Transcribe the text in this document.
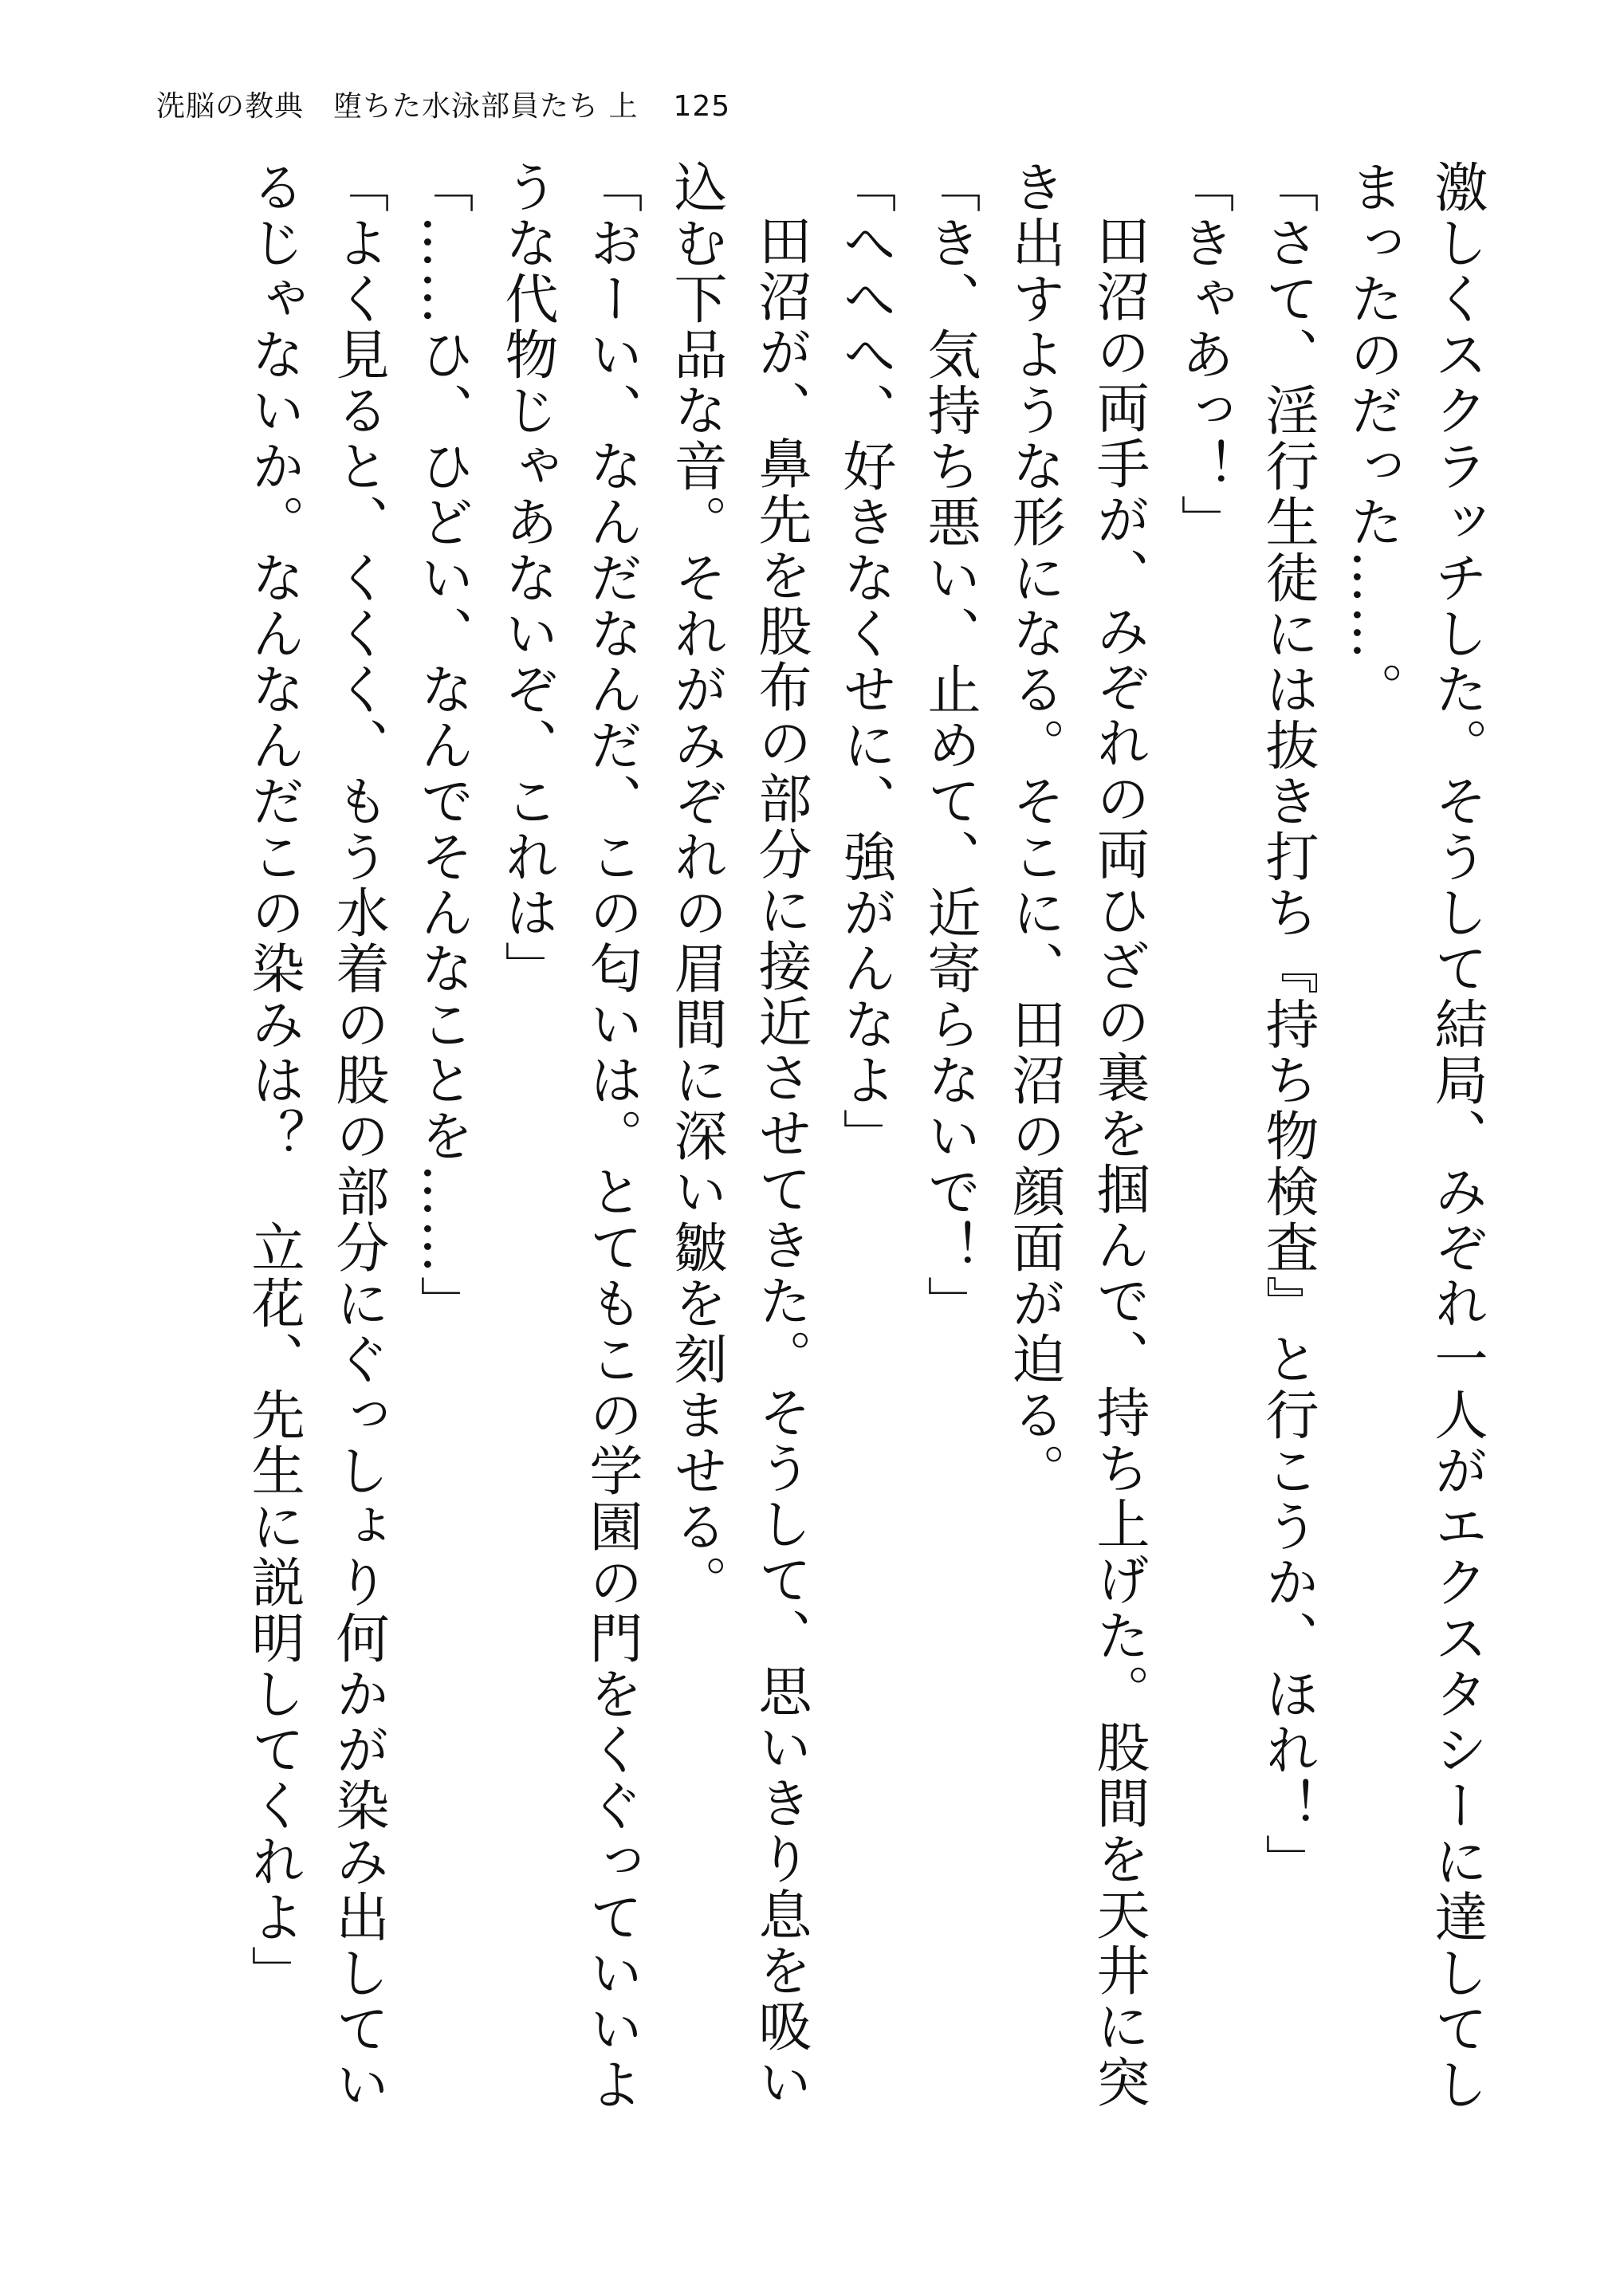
洗脳の教典　堕ちた水泳部員たち 上 125

激しくスクラッチした。そうして結局、みぞれ一人がエクスタシーに達してしまったのだった……。

「さて、淫行生徒には抜き打ち『持ち物検査』と行こうか、ほれ！」

「きゃあっ！」

田沼の両手が、みぞれの両ひざの裏を掴んで、持ち上げた。股間を天井に突き出すような形になる。そこに、田沼の顔面が迫る。

「き、気持ち悪い、止めて、近寄らないで！」

「へへへ、好きなくせに、強がんなよ」

田沼が、鼻先を股布の部分に接近させてきた。そうして、思いきり息を吸い込む下品な音。それがみぞれの眉間に深い皺を刻ませる。

「おーい、なんだなんだ、この匂いは。とてもこの学園の門をくぐっていいような代物じゃあないぞ、これは」

「……ひ、ひどい、なんでそんなことを……」

「よく見ると、くくく、もう水着の股の部分にぐっしょり何かが染み出しているじゃないか。なんなんだこの染みは？　立花、先生に説明してくれよ」
